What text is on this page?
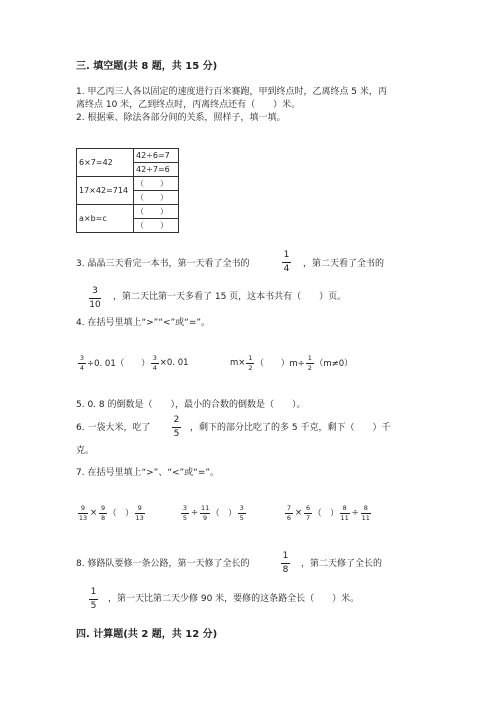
三. 填空题(共 8 题，共 15 分)
1. 甲乙丙三人各以固定的速度进行百米赛跑，甲到终点时，乙离终点 5 米，丙
离终点 10 米，乙到终点时，丙离终点还有（　　）米。
2. 根据乘、除法各部分间的关系，照样子，填一填。
6×7=42	42÷6=7
	42÷7=6
17×42=714	（　　）
	（　　）
a×b=c	（　　）
	（　　）
3. 晶晶三天看完一本书，第一天看了全书的
1
4 ，第二天看了全书的
3
10
，第二天比第一天多看了 15 页，这本书共有（　　）页。
4. 在括号里填上“>”“<”或“=”。
3
4 ÷0. 01（　　）
3
4 ×0. 01	m× 1
2 （　　）m÷
1
2 （m≠0）
5. 0. 8 的倒数是（　　），最小的合数的倒数是（　　）。
6. 一袋大米，吃了
2
5
，剩下的部分比吃了的多 5 千克，剩下（　　）千
克。
7. 在括号里填上“>”、“<”或“=”。
9
13 × 9
8 （　）
9
13
3
5 ÷ 11
9 （　）
3
5
7
6 × 6
7 （　）
8
11 ÷ 8
11
8. 修路队要修一条公路，第一天修了全长的
1
8
，第二天修了全长的
1
5
，第一天比第二天少修 90 米，要修的这条路全长（　　）米。
四. 计算题(共 2 题，共 12 分)
